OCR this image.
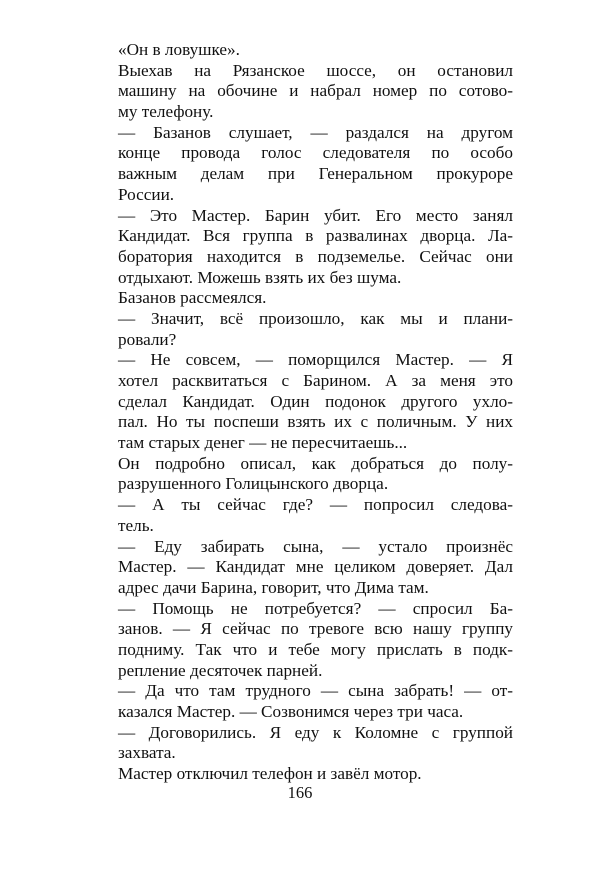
«Он в ловушке».
Выехав на Рязанское шоссе, он остановил
машину на обочине и набрал номер по сотово-
му телефону.
— Базанов слушает, — раздался на другом
конце провода голос следователя по особо
важным делам при Генеральном прокуроре
России.
— Это Мастер. Барин убит. Его место занял
Кандидат. Вся группа в развалинах дворца. Ла-
боратория находится в подземелье. Сейчас они
отдыхают. Можешь взять их без шума.
Базанов рассмеялся.
— Значит, всё произошло, как мы и плани-
ровали?
— Не совсем, — поморщился Мастер. — Я
хотел расквитаться с Барином. А за меня это
сделал Кандидат. Один подонок другого ухло-
пал. Но ты поспеши взять их с поличным. У них
там старых денег — не пересчитаешь...
Он подробно описал, как добраться до полу-
разрушенного Голицынского дворца.
— А ты сейчас где? — попросил следова-
тель.
— Еду забирать сына, — устало произнёс
Мастер. — Кандидат мне целиком доверяет. Дал
адрес дачи Барина, говорит, что Дима там.
— Помощь не потребуется? — спросил Ба-
занов. — Я сейчас по тревоге всю нашу группу
подниму. Так что и тебе могу прислать в подк-
репление десяточек парней.
— Да что там трудного — сына забрать! — от-
казался Мастер. — Созвонимся через три часа.
— Договорились. Я еду к Коломне с группой
захвата.
Мастер отключил телефон и завёл мотор.
166
